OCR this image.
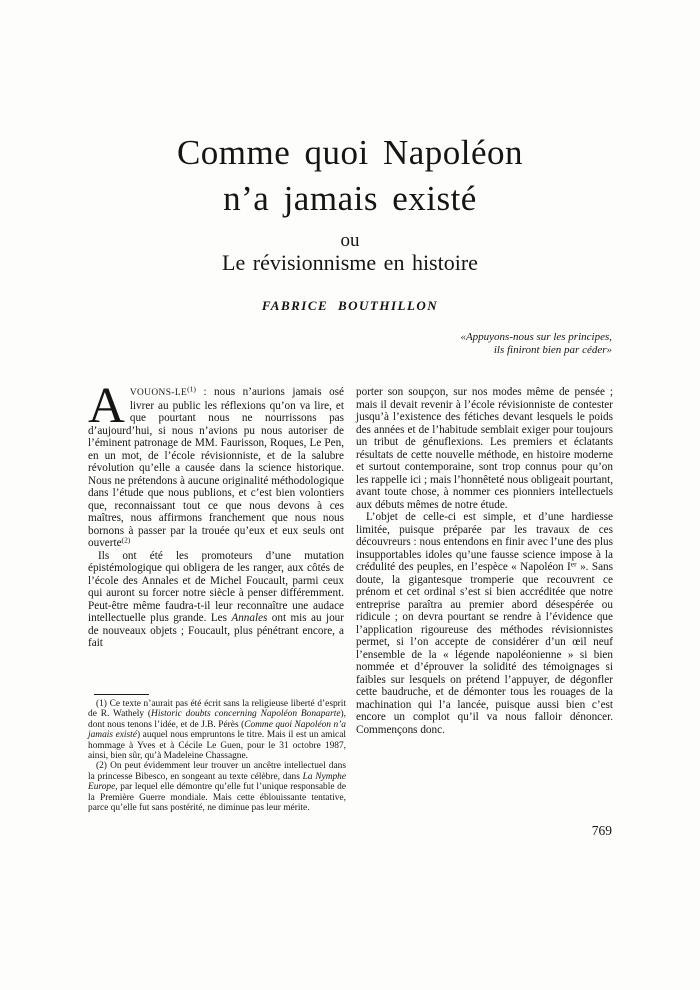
Comme quoi Napoléon
n’a jamais existé
ou
Le révisionnisme en histoire
FABRICE BOUTHILLON
«Appuyons-nous sur les principes,
ils finiront bien par céder»

AVOUONS-LE$^{(1)}$ : nous n’aurions jamais osé livrer au public les réflexions qu’on va lire, et que pourtant nous ne nourrissons pas d’aujourd’hui, si nous n’avions pu nous autoriser de l’éminent patronage de MM. Faurisson, Roques, Le Pen, en un mot, de l’école révisionniste, et de la salubre révolution qu’elle a causée dans la science historique. Nous ne prétendons à aucune originalité méthodologique dans l’étude que nous publions, et c’est bien volontiers que, reconnaissant tout ce que nous devons à ces maîtres, nous affirmons franchement que nous nous bornons à passer par la trouée qu’eux et eux seuls ont ouverte$^{(2)}$

Ils ont été les promoteurs d’une mutation épistémologique qui obligera de les ranger, aux côtés de l’école des Annales et de Michel Foucault, parmi ceux qui auront su forcer notre siècle à penser différemment. Peut-être même faudra-t-il leur reconnaître une audace intellectuelle plus grande. Les Annales ont mis au jour de nouveaux objets ; Foucault, plus pénétrant encore, a fait

porter son soupçon, sur nos modes même de pensée ; mais il devait revenir à l’école révisionniste de contester jusqu’à l’existence des fétiches devant lesquels le poids des années et de l’habitude semblait exiger pour toujours un tribut de génuflexions. Les premiers et éclatants résultats de cette nouvelle méthode, en histoire moderne et surtout contemporaine, sont trop connus pour qu’on les rappelle ici ; mais l’honnêteté nous obligeait pourtant, avant toute chose, à nommer ces pionniers intellectuels aux débuts mêmes de notre étude.

L’objet de celle-ci est simple, et d’une hardiesse limitée, puisque préparée par les travaux de ces découvreurs : nous entendons en finir avec l’une des plus insupportables idoles qu’une fausse science impose à la crédulité des peuples, en l’espèce « Napoléon Ier ». Sans doute, la gigantesque tromperie que recouvrent ce prénom et cet ordinal s’est si bien accréditée que notre entreprise paraîtra au premier abord désespérée ou ridicule ; on devra pourtant se rendre à l’évidence que l’application rigoureuse des méthodes révisionnistes permet, si l’on accepte de considérer d’un œil neuf l’ensemble de la « légende napoléonienne » si bien nommée et d’éprouver la solidité des témoignages si faibles sur lesquels on prétend l’appuyer, de dégonfler cette baudruche, et de démonter tous les rouages de la machination qui l’a lancée, puisque aussi bien c’est encore un complot qu’il va nous falloir dénoncer. Commençons donc.

(1) Ce texte n’aurait pas été écrit sans la religieuse liberté d’esprit de R. Wathely (Historic doubts concerning Napoléon Bonaparte), dont nous tenons l’idée, et de J.B. Pérès (Comme quoi Napoléon n’a jamais existé) auquel nous empruntons le titre. Mais il est un amical hommage à Yves et à Cécile Le Guen, pour le 31 octobre 1987, ainsi, bien sûr, qu’à Madeleine Chassagne.

(2) On peut évidemment leur trouver un ancêtre intellectuel dans la princesse Bibesco, en songeant au texte célèbre, dans La Nymphe Europe, par lequel elle démontre qu’elle fut l’unique responsable de la Première Guerre mondiale. Mais cette éblouissante tentative, parce qu’elle fut sans postérité, ne diminue pas leur mérite.

769
